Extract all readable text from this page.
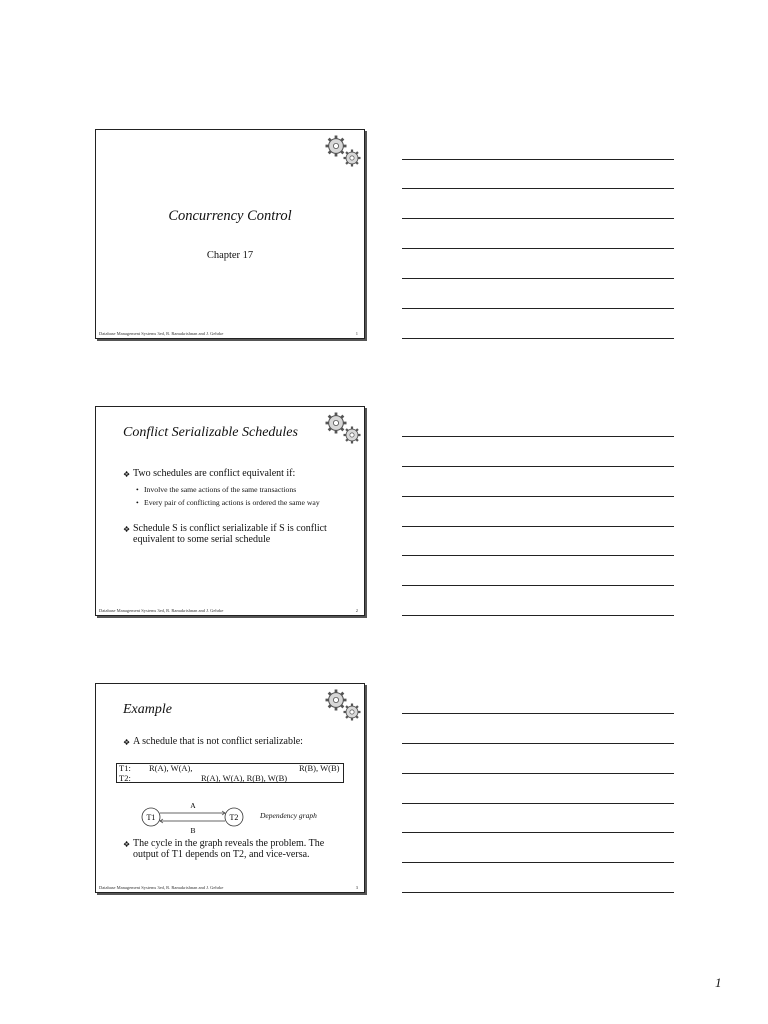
Concurrency Control
Chapter 17
Database Management Systems 3ed, R. Ramakrishnan and J. Gehrke	1
Conflict Serializable Schedules
❖ Two schedules are conflict equivalent if:
• Involve the same actions of the same transactions
• Every pair of conflicting actions is ordered the same way
❖ Schedule S is conflict serializable if S is conflict equivalent to some serial schedule
Database Management Systems 3ed, R. Ramakrishnan and J. Gehrke	2
Example
❖ A schedule that is not conflict serializable:
T1: R(A), W(A),	R(B), W(B)
T2:	R(A), W(A), R(B), W(B)
T1	T2
A
B
Dependency graph
❖ The cycle in the graph reveals the problem. The output of T1 depends on T2, and vice-versa.
Database Management Systems 3ed, R. Ramakrishnan and J. Gehrke	3
1
